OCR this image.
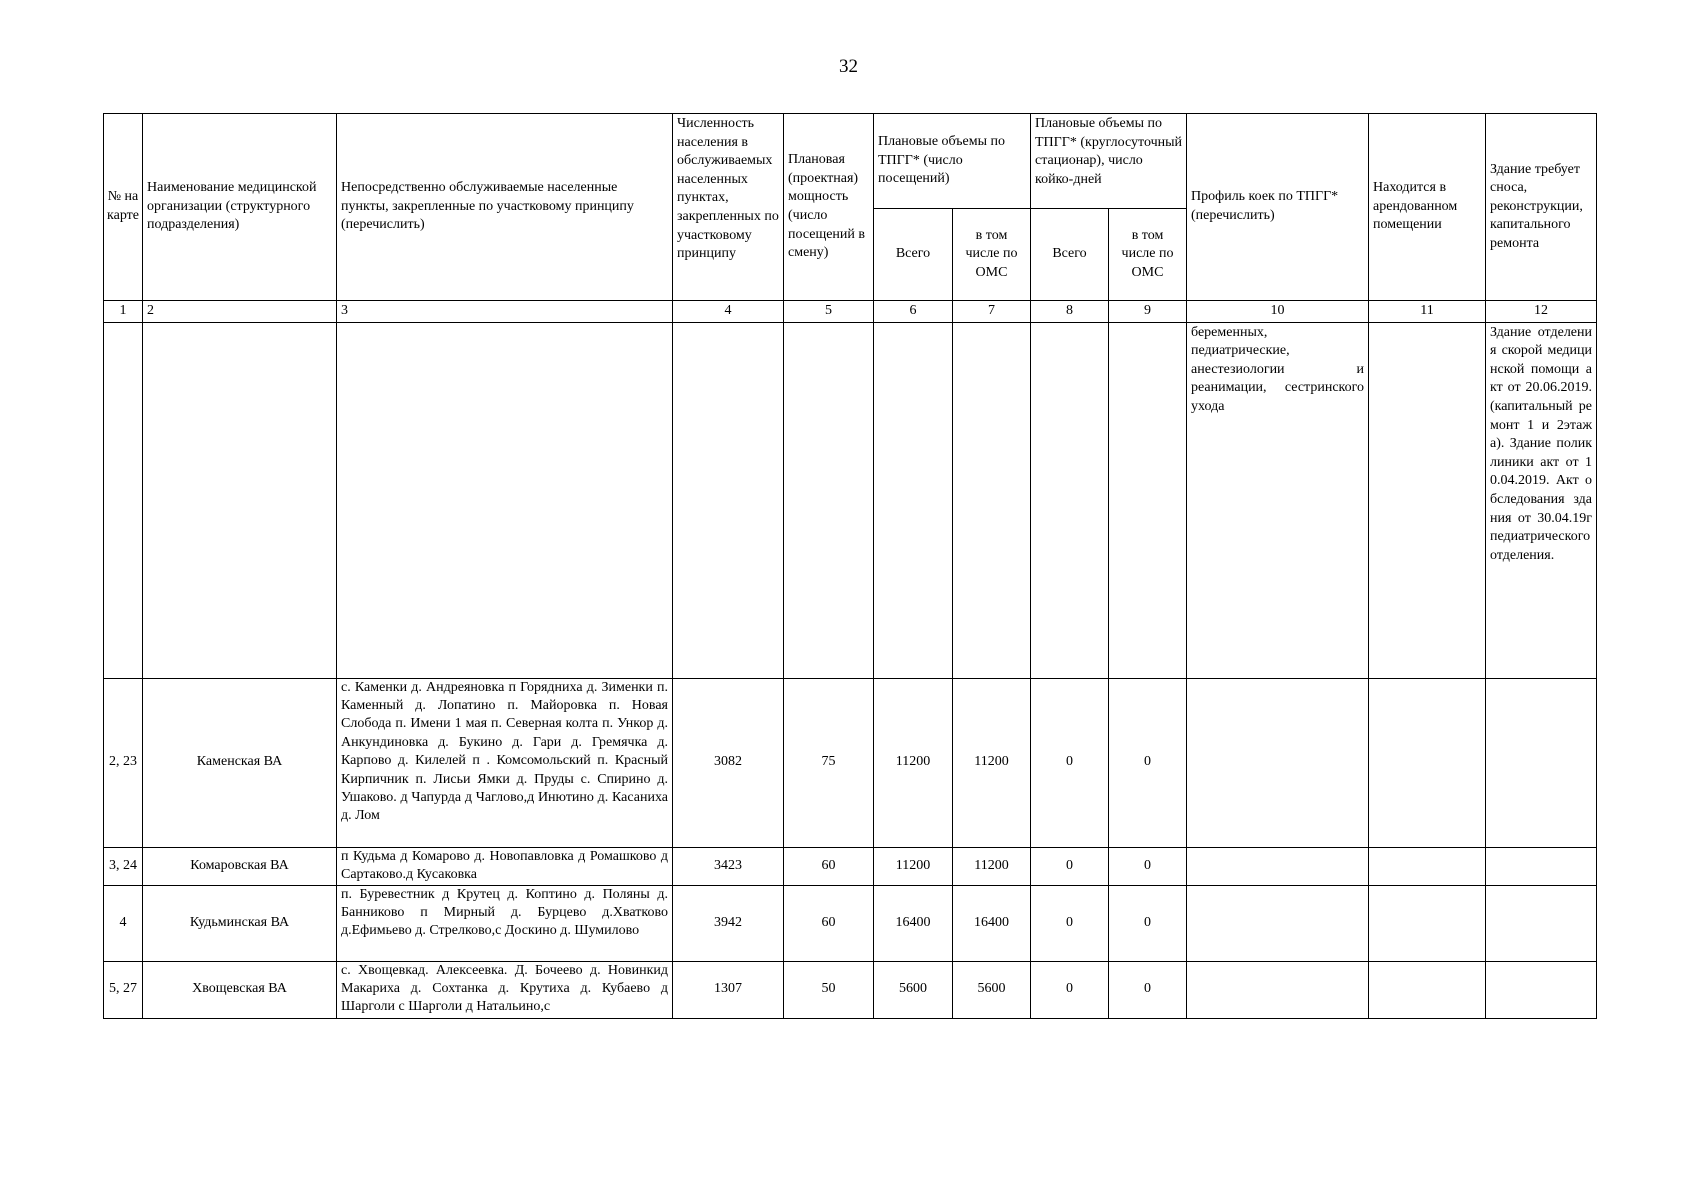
32
№ на карте	Наименование медицинской организации (структурного подразделения)	Непосредственно обслуживаемые населенные пункты, закрепленные по участковому принципу (перечислить)	Численность населения в обслуживаемых населенных пунктах, закрепленных по участковому принципу	Плановая (проектная) мощность (число посещений в смену)	Плановые объемы по ТПГГ* (число посещений)		Плановые объемы по ТПГГ* (круглосуточный стационар), число койко-дней		Профиль коек по ТПГГ* (перечислить)	Находится в арендованном помещении	Здание требует сноса, реконструкции, капитального ремонта
					Всего	в том числе по ОМС	Всего	в том числе по ОМС			
1	2	3	4	5	6	7	8	9	10	11	12
									беременных, педиатрические, анестезиологии и реанимации, сестринского ухода		Здание отделения скорой медицинской помощи акт от 20.06.2019.(капитальный ремонт 1 и 2этажа). Здание поликлиники акт от 10.04.2019. Акт обследования здания от 30.04.19г педиатрического отделения.
2, 23	Каменская ВА	с. Каменки д. Андреяновка п Горядниха д. Зименки п. Каменный д. Лопатино п. Майоровка п. Новая Слобода п. Имени 1 мая п. Северная колта п. Ункор д. Анкундиновка д. Букино д. Гари д. Гремячка д. Карпово д. Килелей п . Комсомольский п. Красный Кирпичник п. Лисьи Ямки д. Пруды с. Спирино д. Ушаково. д Чапурда д Чаглово,д Инютино д. Касаниха д. Лом	3082	75	11200	11200	0	0			
3, 24	Комаровская ВА	п Кудьма д Комарово д. Новопавловка д Ромашково д Сартаково.д Кусаковка	3423	60	11200	11200	0	0			
4	Кудьминская ВА	п. Буревестник д Крутец д. Коптино д. Поляны д. Банниково п Мирный д. Бурцево д.Хватково д.Ефимьево д. Стрелково,с Доскино д. Шумилово	3942	60	16400	16400	0	0			
5, 27	Хвощевская ВА	с. Хвощевкад. Алексеевка. Д. Бочеево д. Новинкид Макариха д. Сохтанка д. Крутиха д. Кубаево д Шарголи с Шарголи д Натальино,с	1307	50	5600	5600	0	0			
